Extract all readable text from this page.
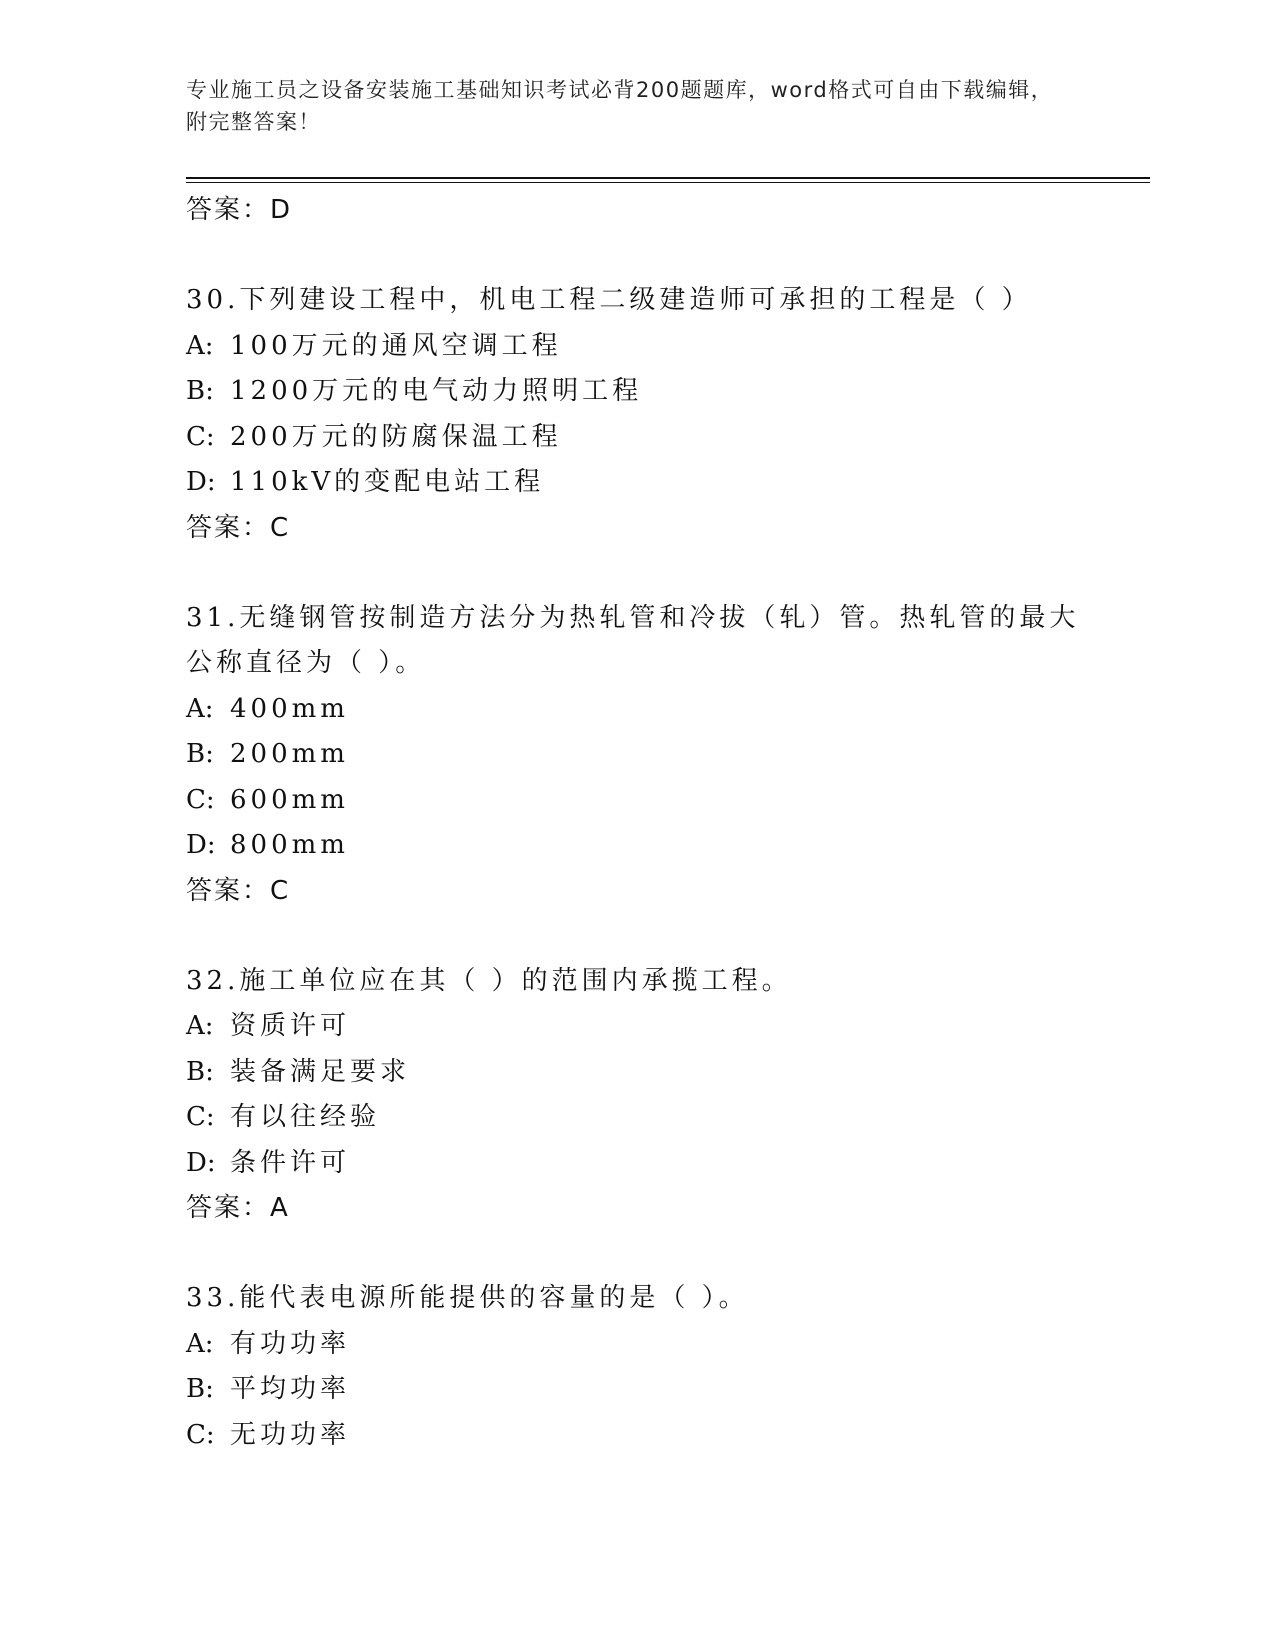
专业施工员之设备安装施工基础知识考试必背200题题库，word格式可自由下载编辑，附完整答案！
答案：D
30.下列建设工程中，机电工程二级建造师可承担的工程是（ ）
A: 100万元的通风空调工程
B: 1200万元的电气动力照明工程
C: 200万元的防腐保温工程
D: 110kV的变配电站工程
答案：C
31.无缝钢管按制造方法分为热轧管和冷拔（轧）管。热轧管的最大公称直径为（ ）。
A: 400mm
B: 200mm
C: 600mm
D: 800mm
答案：C
32.施工单位应在其（ ）的范围内承揽工程。
A: 资质许可
B: 装备满足要求
C: 有以往经验
D: 条件许可
答案：A
33.能代表电源所能提供的容量的是（ ）。
A: 有功功率
B: 平均功率
C: 无功功率
